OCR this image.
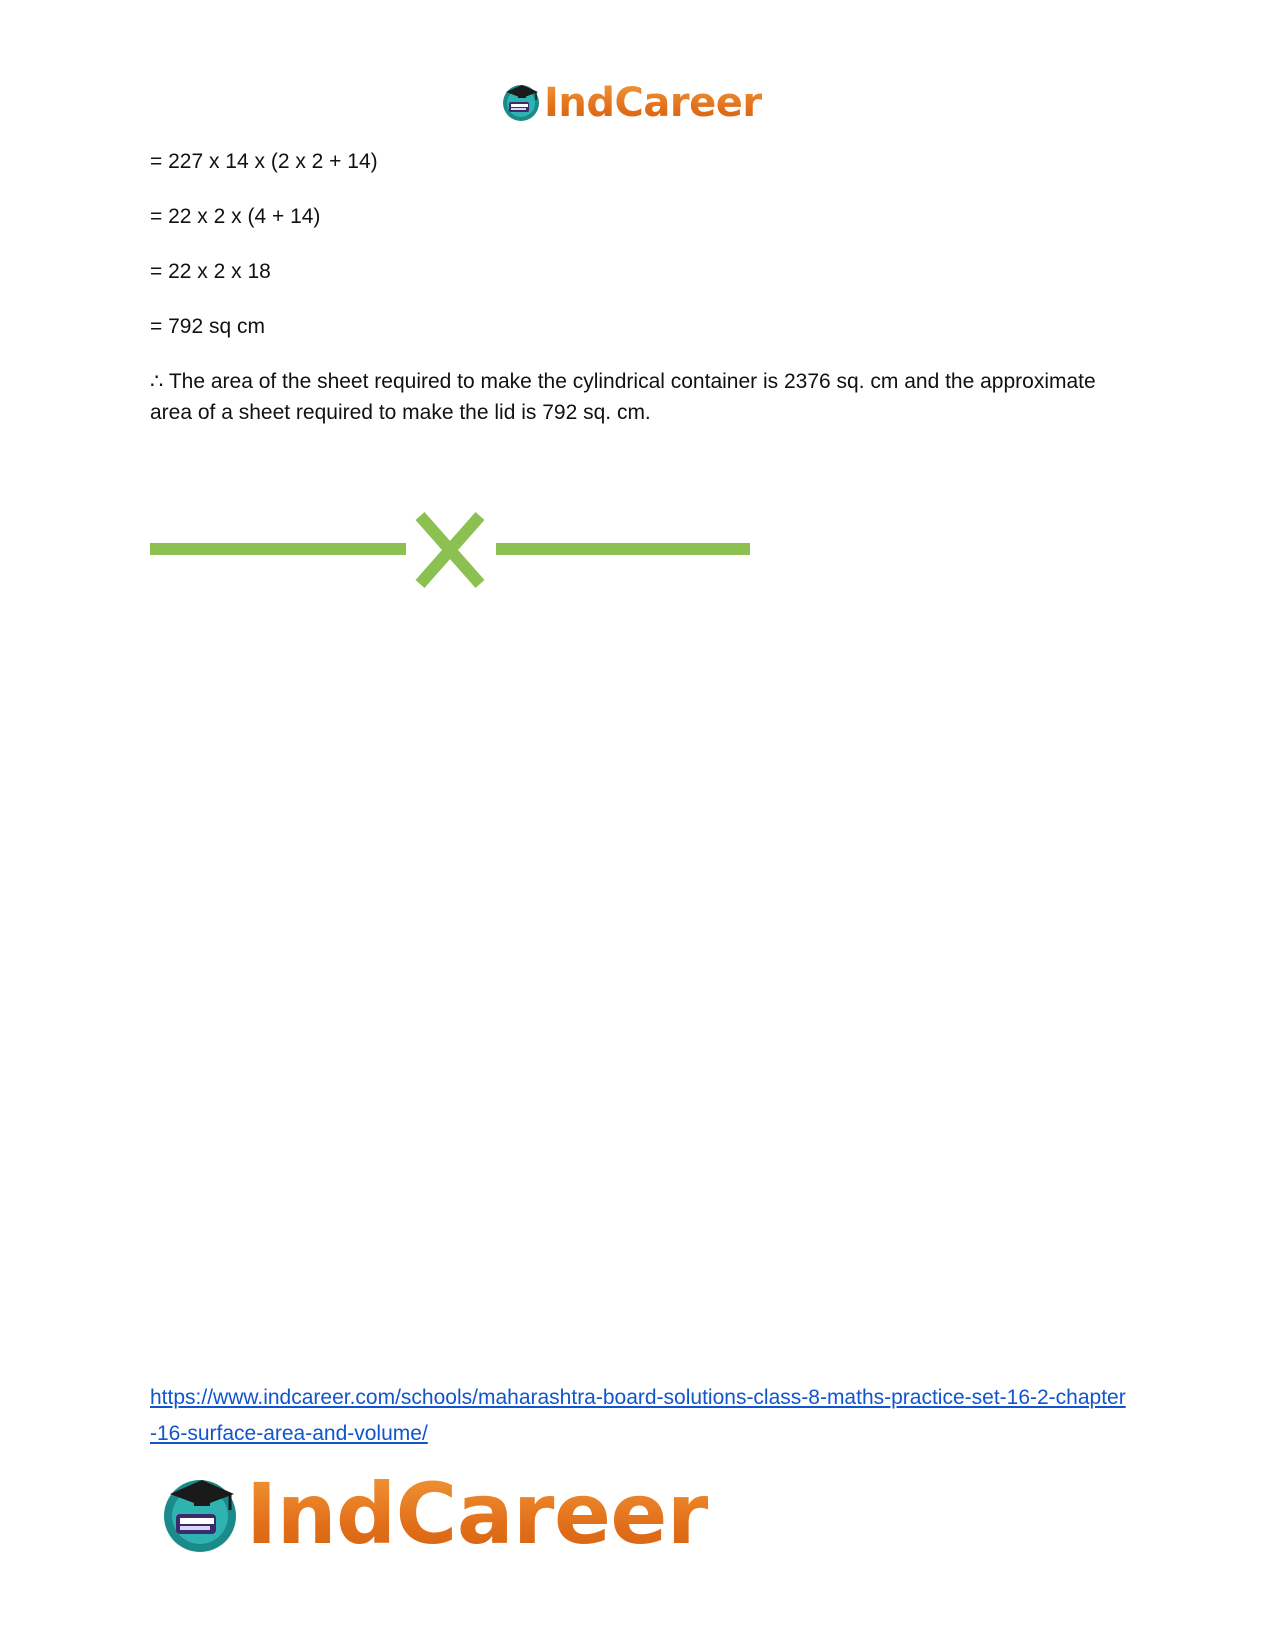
IndCareer

= 227 x 14 x (2 x 2 + 14)

= 22 x 2 x (4 + 14)

= 22 x 2 x 18

= 792 sq cm

∴ The area of the sheet required to make the cylindrical container is 2376 sq. cm and the approximate area of a sheet required to make the lid is 792 sq. cm.

https://www.indcareer.com/schools/maharashtra-board-solutions-class-8-maths-practice-set-16-2-chapter-16-surface-area-and-volume/
IndCareer
